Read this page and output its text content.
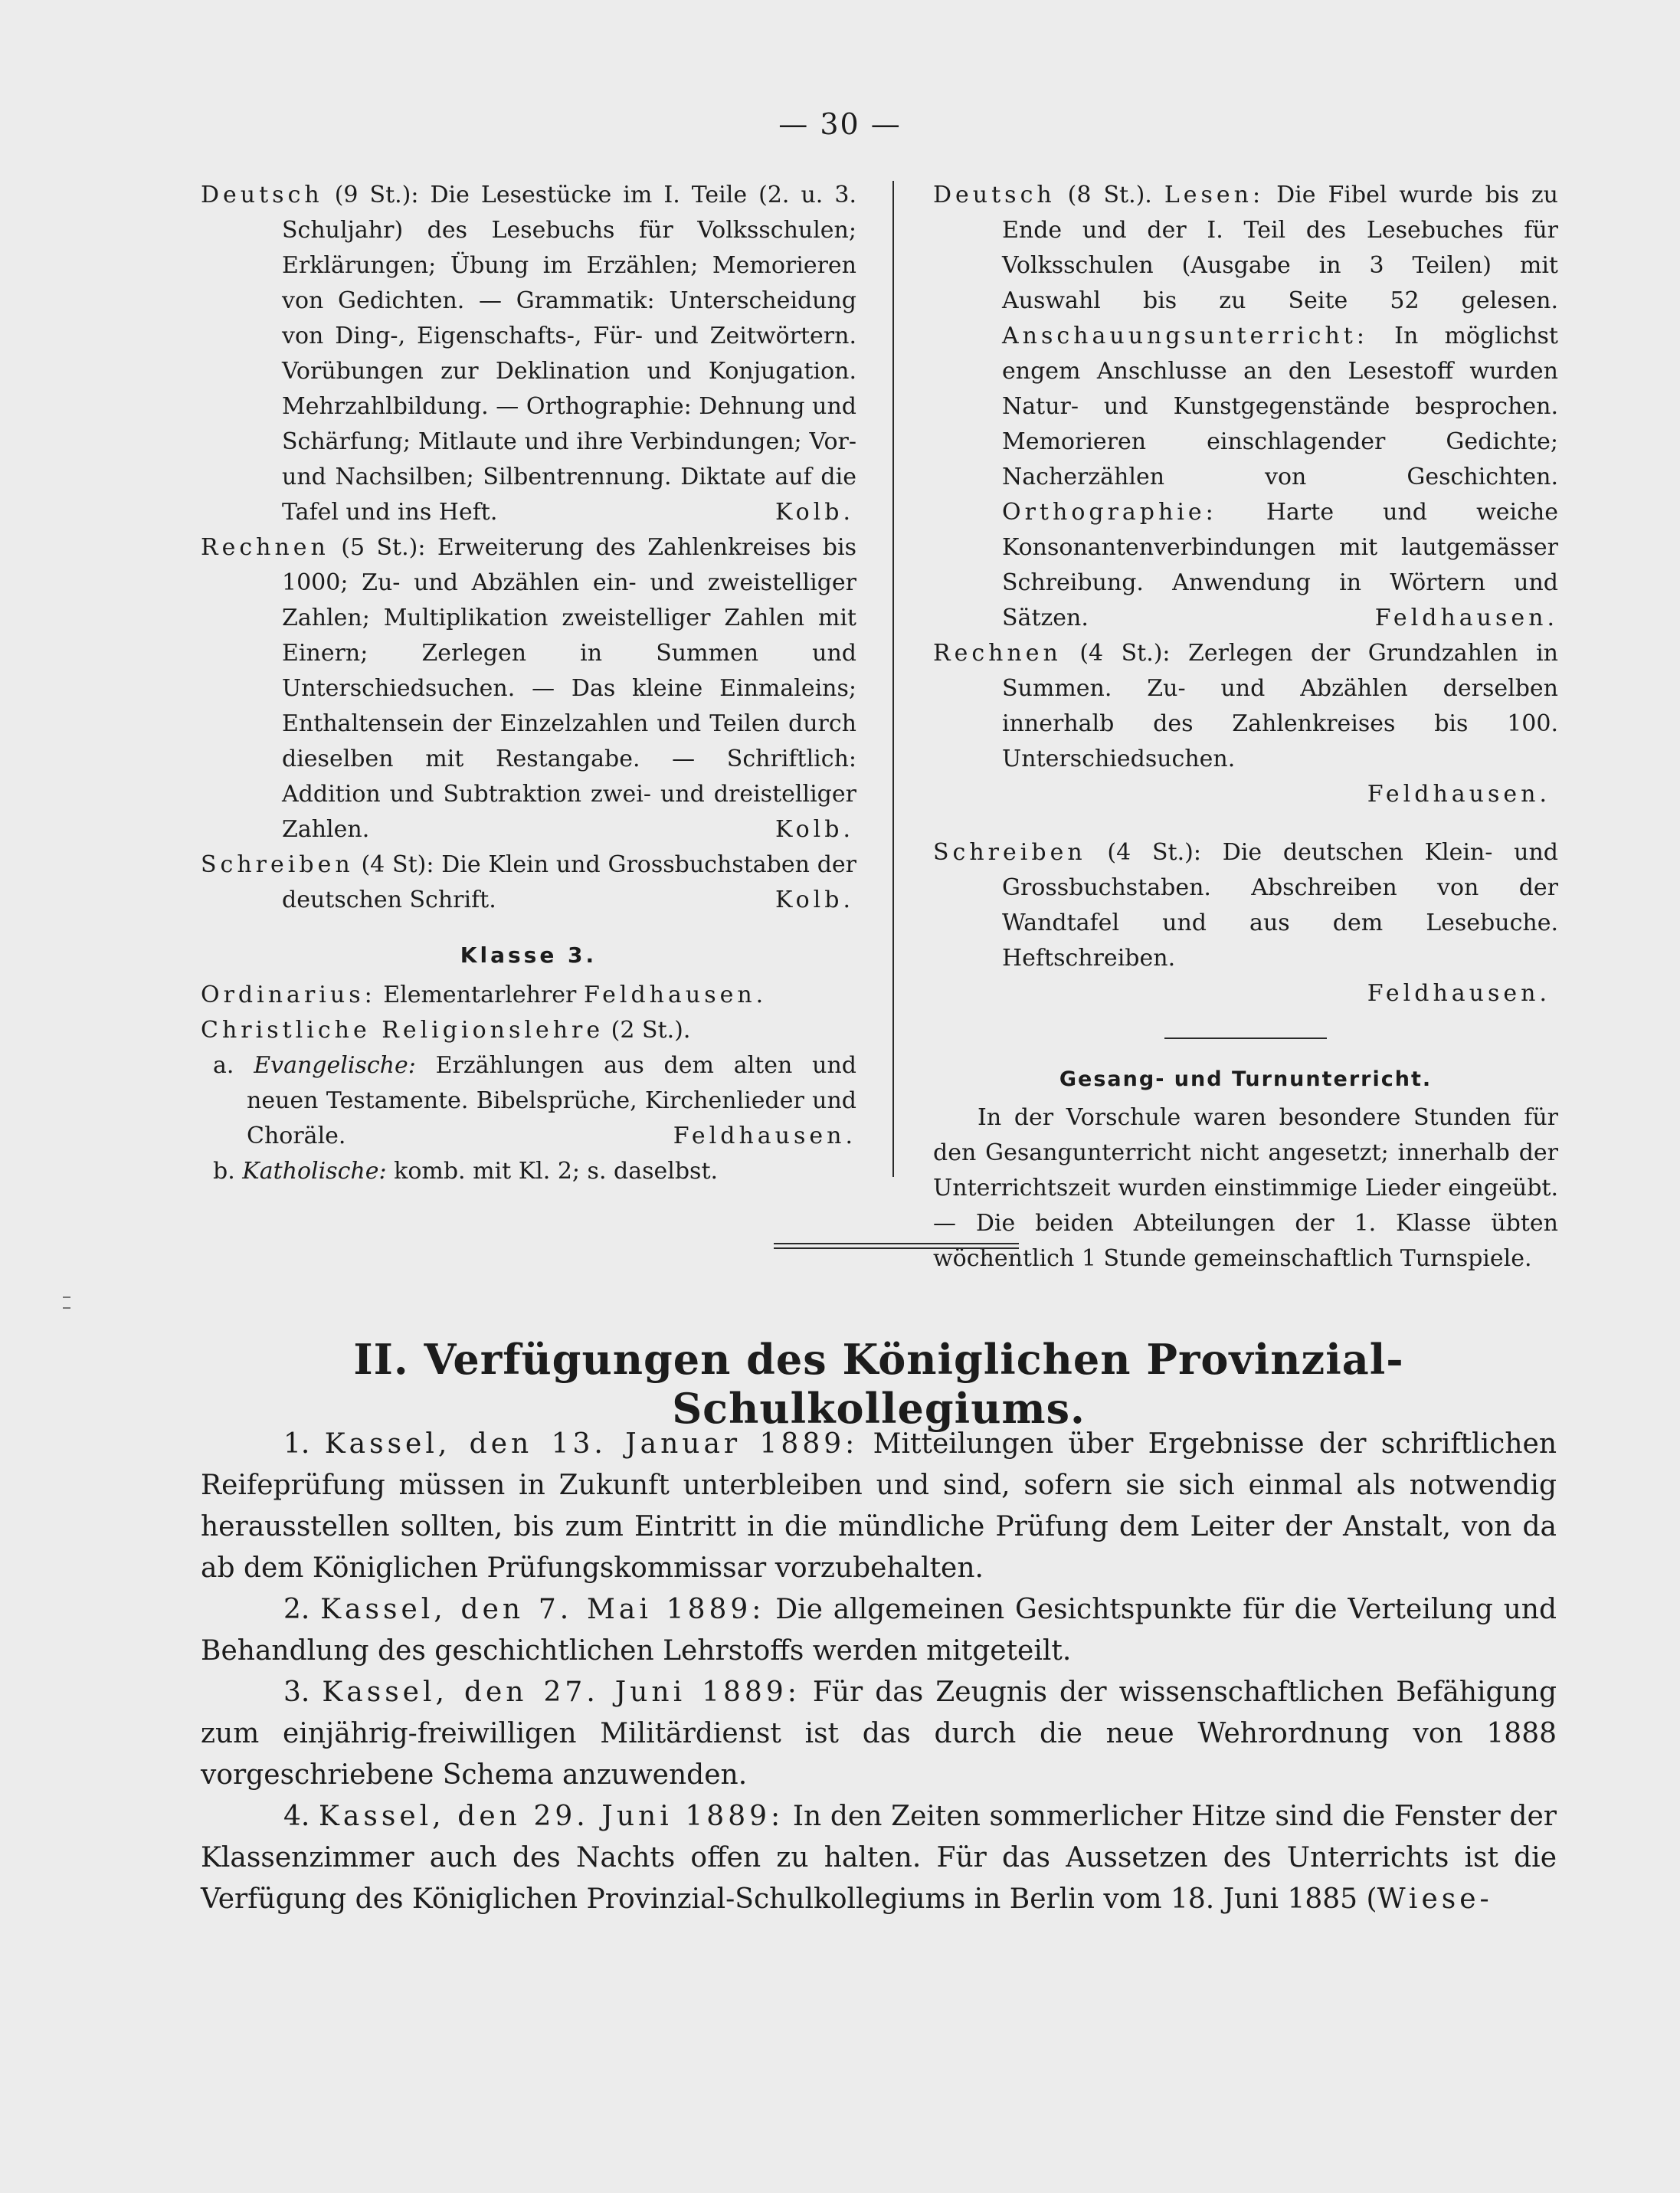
— 30 —

Deutsch (9 St.): Die Lesestücke im I. Teile (2. u. 3. Schuljahr) des Lesebuchs für Volksschulen; Erklärungen; Übung im Erzählen; Memorieren von Gedichten. — Grammatik: Unterscheidung von Ding-, Eigenschafts-, Für- und Zeitwörtern. Vorübungen zur Deklination und Konjugation. Mehrzahlbildung. — Orthographie: Dehnung und Schärfung; Mitlaute und ihre Verbindungen; Vor- und Nachsilben; Silbentrennung. Diktate auf die Tafel und ins Heft.	Kolb.

Rechnen (5 St.): Erweiterung des Zahlenkreises bis 1000; Zu- und Abzählen ein- und zweistelliger Zahlen; Multiplikation zweistelliger Zahlen mit Einern; Zerlegen in Summen und Unterschiedsuchen. — Das kleine Einmaleins; Enthaltensein der Einzelzahlen und Teilen durch dieselben mit Restangabe. — Schriftlich: Addition und Subtraktion zwei- und dreistelliger Zahlen.	Kolb.

Schreiben (4 St): Die Klein und Grossbuchstaben der deutschen Schrift.	Kolb.

Klasse 3.

Ordinarius: Elementarlehrer Feldhausen.

Christliche Religionslehre (2 St.).

a. Evangelische: Erzählungen aus dem alten und neuen Testamente. Bibelsprüche, Kirchenlieder und Choräle.	Feldhausen.

b. Katholische: komb. mit Kl. 2; s. daselbst.

Deutsch (8 St.). Lesen: Die Fibel wurde bis zu Ende und der I. Teil des Lesebuches für Volksschulen (Ausgabe in 3 Teilen) mit Auswahl bis zu Seite 52 gelesen. Anschauungsunterricht: In möglichst engem Anschlusse an den Lesestoff wurden Natur- und Kunstgegenstände besprochen. Memorieren einschlagender Gedichte; Nacherzählen von Geschichten. Orthographie: Harte und weiche Konsonantenverbindungen mit lautgemässer Schreibung. Anwendung in Wörtern und Sätzen.	Feldhausen.

Rechnen (4 St.): Zerlegen der Grundzahlen in Summen. Zu- und Abzählen derselben innerhalb des Zahlenkreises bis 100. Unterschiedsuchen.

Feldhausen.

Schreiben (4 St.): Die deutschen Klein- und Grossbuchstaben. Abschreiben von der Wandtafel und aus dem Lesebuche. Heftschreiben.

Feldhausen.
Gesang- und Turnunterricht.

In der Vorschule waren besondere Stunden für den Gesangunterricht nicht angesetzt; innerhalb der Unterrichtszeit wurden einstimmige Lieder eingeübt. — Die beiden Abteilungen der 1. Klasse übten wöchentlich 1 Stunde gemeinschaftlich Turnspiele.

II. Verfügungen des Königlichen Provinzial-Schulkollegiums.

1. Kassel, den 13. Januar 1889: Mitteilungen über Ergebnisse der schriftlichen Reifeprüfung müssen in Zukunft unterbleiben und sind, sofern sie sich einmal als notwendig herausstellen sollten, bis zum Eintritt in die mündliche Prüfung dem Leiter der Anstalt, von da ab dem Königlichen Prüfungskommissar vorzubehalten.

2. Kassel, den 7. Mai 1889: Die allgemeinen Gesichtspunkte für die Verteilung und Behandlung des geschichtlichen Lehrstoffs werden mitgeteilt.

3. Kassel, den 27. Juni 1889: Für das Zeugnis der wissenschaftlichen Befähigung zum einjährig-freiwilligen Militärdienst ist das durch die neue Wehrordnung von 1888 vorgeschriebene Schema anzuwenden.

4. Kassel, den 29. Juni 1889: In den Zeiten sommerlicher Hitze sind die Fenster der Klassenzimmer auch des Nachts offen zu halten. Für das Aussetzen des Unterrichts ist die Verfügung des Königlichen Provinzial-Schulkollegiums in Berlin vom 18. Juni 1885 (Wiese-
